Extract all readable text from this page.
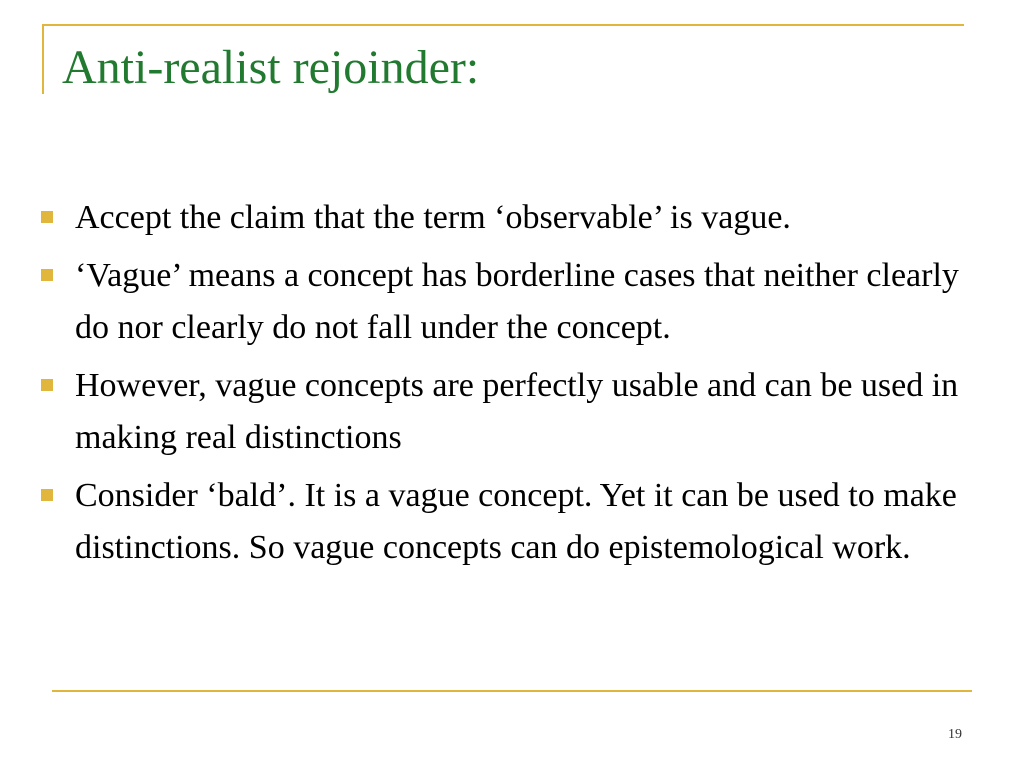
Anti-realist rejoinder:
Accept the claim that the term ‘observable’ is vague.
‘Vague’ means a concept has borderline cases that neither clearly do nor clearly do not fall under the concept.
However, vague concepts are perfectly usable and can be used in making real distinctions
Consider ‘bald’. It is a vague concept. Yet it can be used to make distinctions. So vague concepts can do epistemological work.
19
